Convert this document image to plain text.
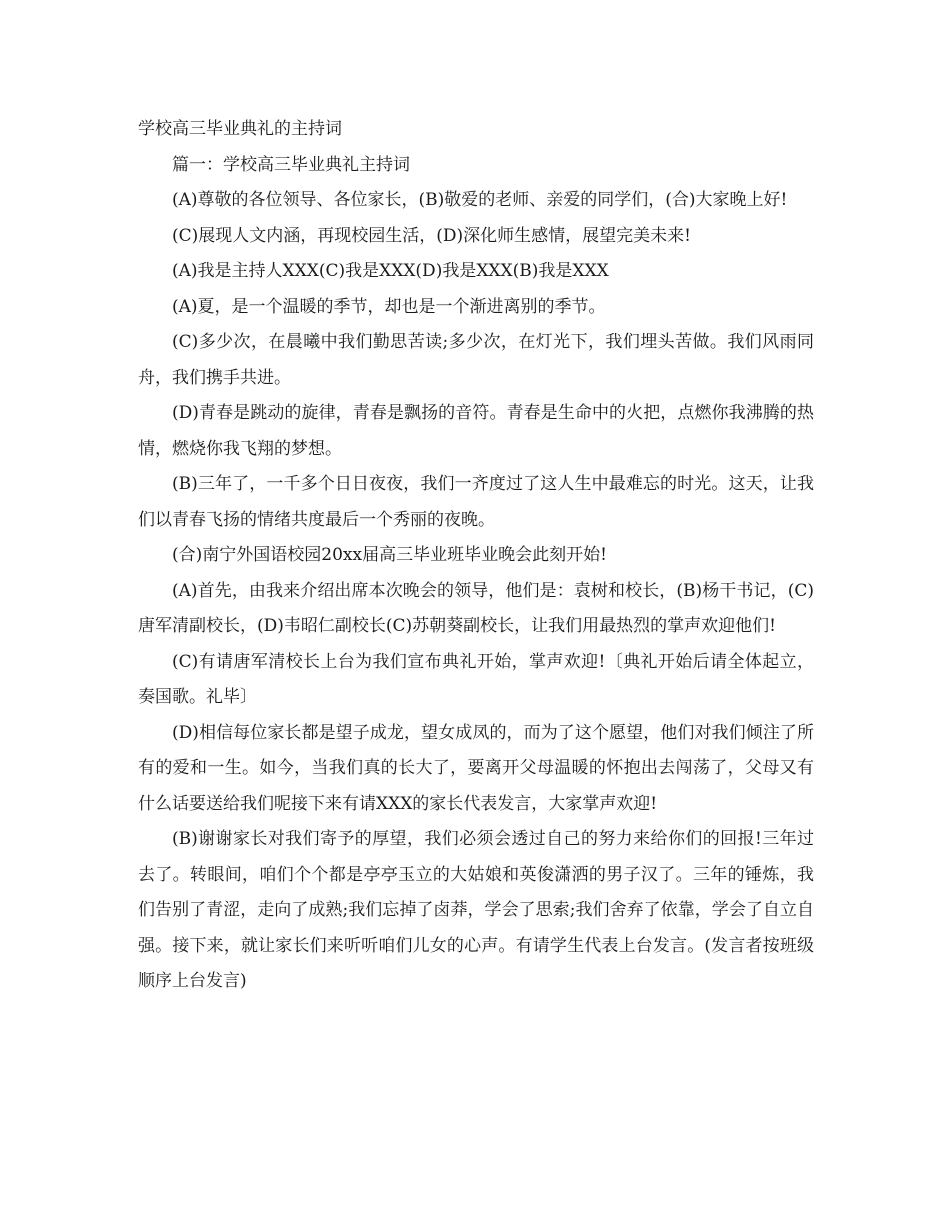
学校高三毕业典礼的主持词

篇一：学校高三毕业典礼主持词

(A)尊敬的各位领导、各位家长，(B)敬爱的老师、亲爱的同学们，(合)大家晚上好!

(C)展现人文内涵，再现校园生活，(D)深化师生感情，展望完美未来!

(A)我是主持人XXX(C)我是XXX(D)我是XXX(B)我是XXX

(A)夏，是一个温暖的季节，却也是一个渐进离别的季节。

(C)多少次，在晨曦中我们勤思苦读;多少次，在灯光下，我们埋头苦做。我们风雨同舟，我们携手共进。

(D)青春是跳动的旋律，青春是飘扬的音符。青春是生命中的火把，点燃你我沸腾的热情，燃烧你我飞翔的梦想。

(B)三年了，一千多个日日夜夜，我们一齐度过了这人生中最难忘的时光。这天，让我们以青春飞扬的情绪共度最后一个秀丽的夜晚。

(合)南宁外国语校园20xx届高三毕业班毕业晚会此刻开始!

(A)首先，由我来介绍出席本次晚会的领导，他们是：袁树和校长，(B)杨干书记，(C)唐军清副校长，(D)韦昭仁副校长(C)苏朝葵副校长，让我们用最热烈的掌声欢迎他们!

(C)有请唐军清校长上台为我们宣布典礼开始，掌声欢迎!〔典礼开始后请全体起立，奏国歌。礼毕〕

(D)相信每位家长都是望子成龙，望女成凤的，而为了这个愿望，他们对我们倾注了所有的爱和一生。如今，当我们真的长大了，要离开父母温暖的怀抱出去闯荡了，父母又有什么话要送给我们呢接下来有请XXX的家长代表发言，大家掌声欢迎!

(B)谢谢家长对我们寄予的厚望，我们必须会透过自己的努力来给你们的回报!三年过去了。转眼间，咱们个个都是亭亭玉立的大姑娘和英俊潇洒的男子汉了。三年的锤炼，我们告别了青涩，走向了成熟;我们忘掉了卤莽，学会了思索;我们舍弃了依靠，学会了自立自强。接下来，就让家长们来听听咱们儿女的心声。有请学生代表上台发言。(发言者按班级顺序上台发言)
